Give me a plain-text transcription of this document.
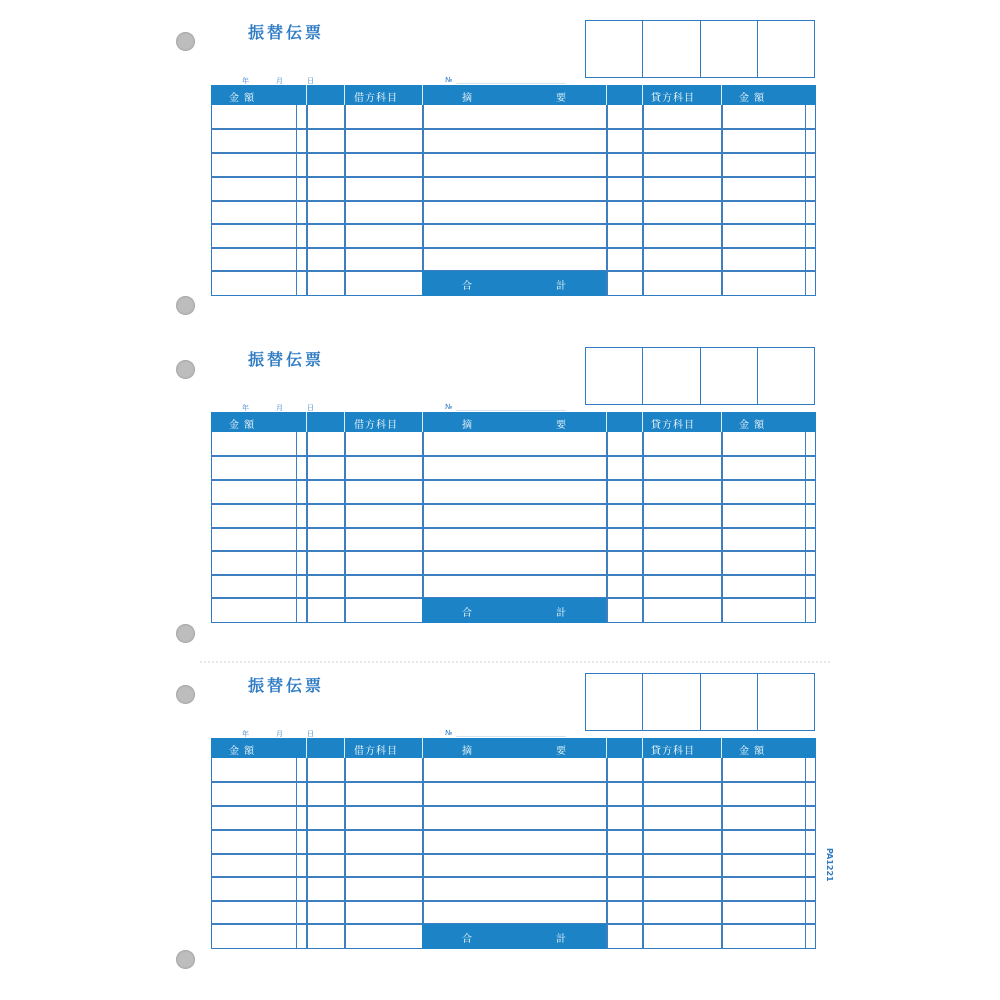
振替伝票
年	月	日	№
金 額	借方科目	摘	要	貸方科目	金 額
合	計
振替伝票
年	月	日	№
金 額	借方科目	摘	要	貸方科目	金 額
合	計
振替伝票
年	月	日	№
金 額	借方科目	摘	要	貸方科目	金 額
合	計
PA1221
